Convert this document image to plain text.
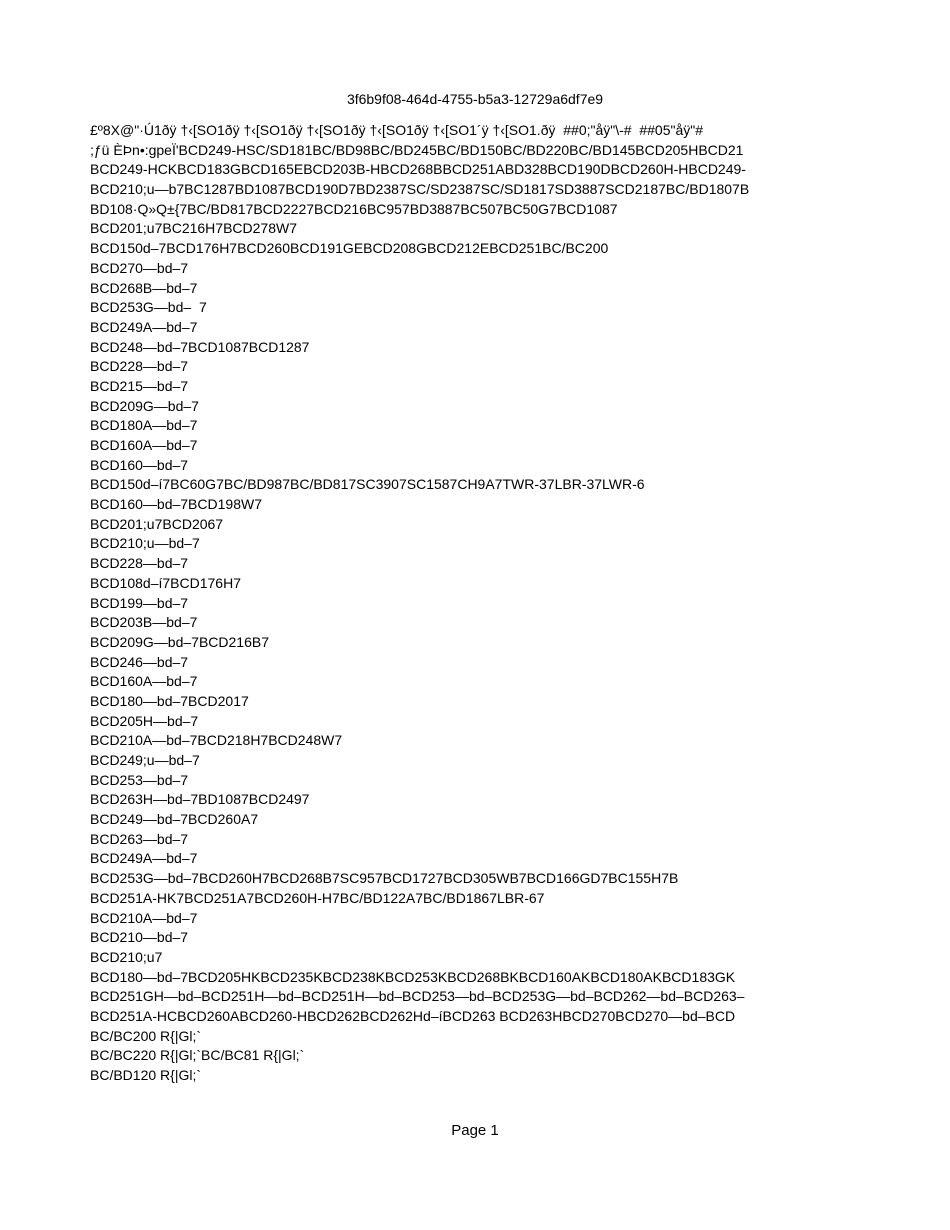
3f6b9f08-464d-4755-b5a3-12729a6df7e9
£º8X@"·Ú1ðÿ †‹[SO1ðÿ †‹[SO1ðÿ †‹[SO1ðÿ †‹[SO1ðÿ †‹[SO1´ÿ †‹[SO1.ðÿ  ##0;"åÿ"\-#  ##05"åÿ"#
;ƒü ÈÞn•:gpeÏ'BCD249-HSC/SD181BC/BD98BC/BD245BC/BD150BC/BD220BC/BD145BCD205HBCD21
BCD249-HCKBCD183GBCD165EBCD203B-HBCD268BBCD251ABD328BCD190DBCD260H-HBCD249-
BCD210;u—b7BC1287BD1087BCD190D7BD2387SC/SD2387SC/SD1817SD3887SCD2187BC/BD1807B
BD108·Q»Q±{7BC/BD817BCD2227BCD216BC957BD3887BC507BC50G7BCD1087
BCD201;u7BC216H7BCD278W7
BCD150d–7BCD176H7BCD260BCD191GEBCD208GBCD212EBCD251BC/BC200
BCD270—bd–7
BCD268B—bd–7
BCD253G—bd–  7
BCD249A—bd–7
BCD248—bd–7BCD1087BCD1287
BCD228—bd–7
BCD215—bd–7
BCD209G—bd–7
BCD180A—bd–7
BCD160A—bd–7
BCD160—bd–7
BCD150d–í7BC60G7BC/BD987BC/BD817SC3907SC1587CH9A7TWR-37LBR-37LWR-6
BCD160—bd–7BCD198W7
BCD201;u7BCD2067
BCD210;u—bd–7
BCD228—bd–7
BCD108d–í7BCD176H7
BCD199—bd–7
BCD203B—bd–7
BCD209G—bd–7BCD216B7
BCD246—bd–7
BCD160A—bd–7
BCD180—bd–7BCD2017
BCD205H—bd–7
BCD210A—bd–7BCD218H7BCD248W7
BCD249;u—bd–7
BCD253—bd–7
BCD263H—bd–7BD1087BCD2497
BCD249—bd–7BCD260A7
BCD263—bd–7
BCD249A—bd–7
BCD253G—bd–7BCD260H7BCD268B7SC957BCD1727BCD305WB7BCD166GD7BC155H7B
BCD251A-HK7BCD251A7BCD260H-H7BC/BD122A7BC/BD1867LBR-67
BCD210A—bd–7
BCD210—bd–7
BCD210;u7
BCD180—bd–7BCD205HKBCD235KBCD238KBCD253KBCD268BKBCD160AKBCD180AKBCD183GK
BCD251GH—bd–BCD251H—bd–BCD251H—bd–BCD253—bd–BCD253G—bd–BCD262—bd–BCD263–
BCD251A-HCBCD260ABCD260-HBCD262BCD262Hd–íBCD263 BCD263HBCD270BCD270—bd–BCD
BC/BC200 R{|Gl;`
BC/BC220 R{|Gl;`BC/BC81 R{|Gl;`
BC/BD120 R{|Gl;`
Page 1
